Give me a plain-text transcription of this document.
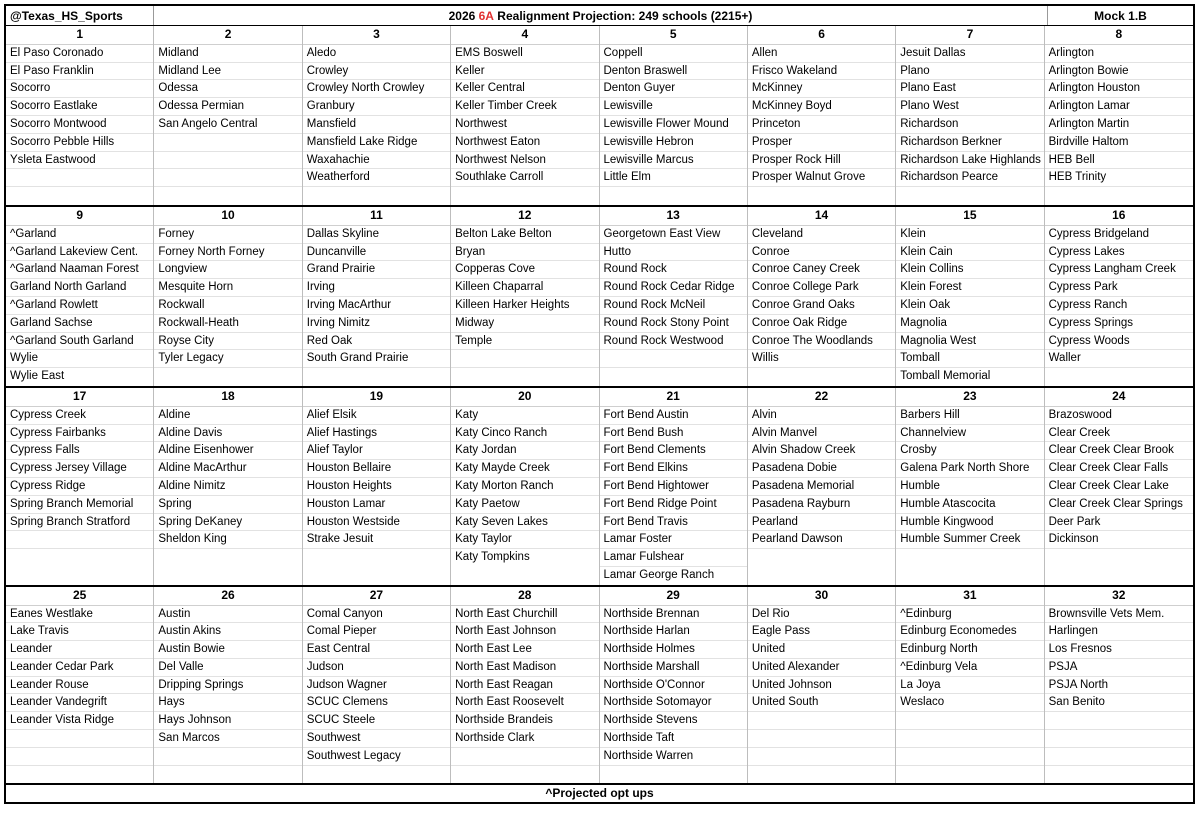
@Texas_HS_Sports	2026 6A Realignment Projection: 249 schools (2215+)	Mock 1.B
1
El Paso Coronado
El Paso Franklin
Socorro
Socorro Eastlake
Socorro Montwood
Socorro Pebble Hills
Ysleta Eastwood
2
Midland
Midland Lee
Odessa
Odessa Permian
San Angelo Central
3
Aledo
Crowley
Crowley North Crowley
Granbury
Mansfield
Mansfield Lake Ridge
Waxahachie
Weatherford
4
EMS Boswell
Keller
Keller Central
Keller Timber Creek
Northwest
Northwest Eaton
Northwest Nelson
Southlake Carroll
5
Coppell
Denton Braswell
Denton Guyer
Lewisville
Lewisville Flower Mound
Lewisville Hebron
Lewisville Marcus
Little Elm
6
Allen
Frisco Wakeland
McKinney
McKinney Boyd
Princeton
Prosper
Prosper Rock Hill
Prosper Walnut Grove
7
Jesuit Dallas
Plano
Plano East
Plano West
Richardson
Richardson Berkner
Richardson Lake Highlands
Richardson Pearce
8
Arlington
Arlington Bowie
Arlington Houston
Arlington Lamar
Arlington Martin
Birdville Haltom
HEB Bell
HEB Trinity
9
^Garland
^Garland Lakeview Cent.
^Garland Naaman Forest
Garland North Garland
^Garland Rowlett
Garland Sachse
^Garland South Garland
Wylie
Wylie East
10
Forney
Forney North Forney
Longview
Mesquite Horn
Rockwall
Rockwall-Heath
Royse City
Tyler Legacy
11
Dallas Skyline
Duncanville
Grand Prairie
Irving
Irving MacArthur
Irving Nimitz
Red Oak
South Grand Prairie
12
Belton Lake Belton
Bryan
Copperas Cove
Killeen Chaparral
Killeen Harker Heights
Midway
Temple
13
Georgetown East View
Hutto
Round Rock
Round Rock Cedar Ridge
Round Rock McNeil
Round Rock Stony Point
Round Rock Westwood
14
Cleveland
Conroe
Conroe Caney Creek
Conroe College Park
Conroe Grand Oaks
Conroe Oak Ridge
Conroe The Woodlands
Willis
15
Klein
Klein Cain
Klein Collins
Klein Forest
Klein Oak
Magnolia
Magnolia West
Tomball
Tomball Memorial
16
Cypress Bridgeland
Cypress Lakes
Cypress Langham Creek
Cypress Park
Cypress Ranch
Cypress Springs
Cypress Woods
Waller
17
Cypress Creek
Cypress Fairbanks
Cypress Falls
Cypress Jersey Village
Cypress Ridge
Spring Branch Memorial
Spring Branch Stratford
18
Aldine
Aldine Davis
Aldine Eisenhower
Aldine MacArthur
Aldine Nimitz
Spring
Spring DeKaney
Sheldon King
19
Alief Elsik
Alief Hastings
Alief Taylor
Houston Bellaire
Houston Heights
Houston Lamar
Houston Westside
Strake Jesuit
20
Katy
Katy Cinco Ranch
Katy Jordan
Katy Mayde Creek
Katy Morton Ranch
Katy Paetow
Katy Seven Lakes
Katy Taylor
Katy Tompkins
21
Fort Bend Austin
Fort Bend Bush
Fort Bend Clements
Fort Bend Elkins
Fort Bend Hightower
Fort Bend Ridge Point
Fort Bend Travis
Lamar Foster
Lamar Fulshear
Lamar George Ranch
22
Alvin
Alvin Manvel
Alvin Shadow Creek
Pasadena Dobie
Pasadena Memorial
Pasadena Rayburn
Pearland
Pearland Dawson
23
Barbers Hill
Channelview
Crosby
Galena Park North Shore
Humble
Humble Atascocita
Humble Kingwood
Humble Summer Creek
24
Brazoswood
Clear Creek
Clear Creek Clear Brook
Clear Creek Clear Falls
Clear Creek Clear Lake
Clear Creek Clear Springs
Deer Park
Dickinson
25
Eanes Westlake
Lake Travis
Leander
Leander Cedar Park
Leander Rouse
Leander Vandegrift
Leander Vista Ridge
26
Austin
Austin Akins
Austin Bowie
Del Valle
Dripping Springs
Hays
Hays Johnson
San Marcos
27
Comal Canyon
Comal Pieper
East Central
Judson
Judson Wagner
SCUC Clemens
SCUC Steele
Southwest
Southwest Legacy
28
North East Churchill
North East Johnson
North East Lee
North East Madison
North East Reagan
North East Roosevelt
Northside Brandeis
Northside Clark
29
Northside Brennan
Northside Harlan
Northside Holmes
Northside Marshall
Northside O'Connor
Northside Sotomayor
Northside Stevens
Northside Taft
Northside Warren
30
Del Rio
Eagle Pass
United
United Alexander
United Johnson
United South
31
^Edinburg
Edinburg Economedes
Edinburg North
^Edinburg Vela
La Joya
Weslaco
32
Brownsville Vets Mem.
Harlingen
Los Fresnos
PSJA
PSJA North
San Benito
^Projected opt ups
